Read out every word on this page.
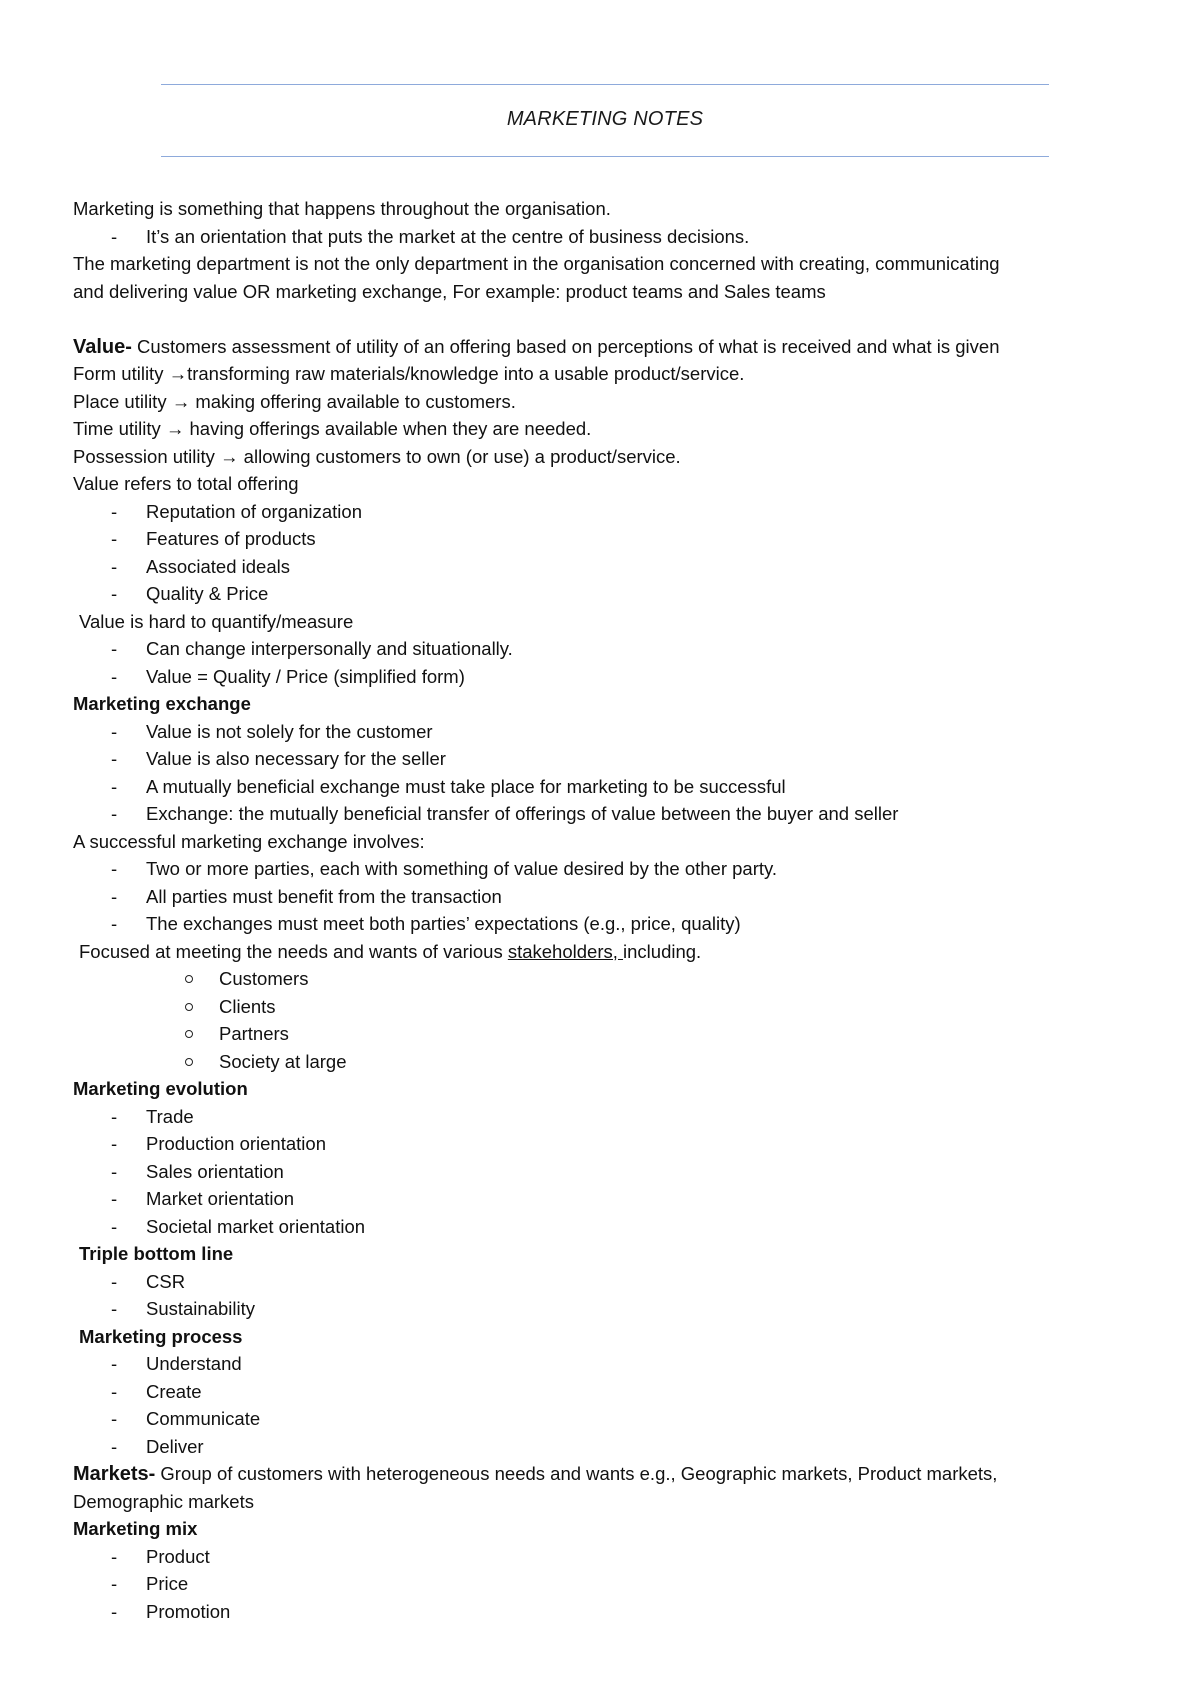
MARKETING NOTES
Marketing is something that happens throughout the organisation.
- It’s an orientation that puts the market at the centre of business decisions.
The marketing department is not the only department in the organisation concerned with creating, communicating
and delivering value OR marketing exchange, For example: product teams and Sales teams
Value- Customers assessment of utility of an offering based on perceptions of what is received and what is given
Form utility →transforming raw materials/knowledge into a usable product/service.
Place utility → making offering available to customers.
Time utility → having offerings available when they are needed.
Possession utility → allowing customers to own (or use) a product/service.
Value refers to total offering
- Reputation of organization
- Features of products
- Associated ideals
- Quality & Price
Value is hard to quantify/measure
- Can change interpersonally and situationally.
- Value = Quality / Price (simplified form)
Marketing exchange
- Value is not solely for the customer
- Value is also necessary for the seller
- A mutually beneficial exchange must take place for marketing to be successful
- Exchange: the mutually beneficial transfer of offerings of value between the buyer and seller
A successful marketing exchange involves:
- Two or more parties, each with something of value desired by the other party.
- All parties must benefit from the transaction
- The exchanges must meet both parties’ expectations (e.g., price, quality)
Focused at meeting the needs and wants of various stakeholders, including.
Customers
Clients
Partners
Society at large
Marketing evolution
- Trade
- Production orientation
- Sales orientation
- Market orientation
- Societal market orientation
Triple bottom line
- CSR
- Sustainability
Marketing process
- Understand
- Create
- Communicate
- Deliver
Markets- Group of customers with heterogeneous needs and wants e.g., Geographic markets, Product markets,
Demographic markets
Marketing mix
- Product
- Price
- Promotion
